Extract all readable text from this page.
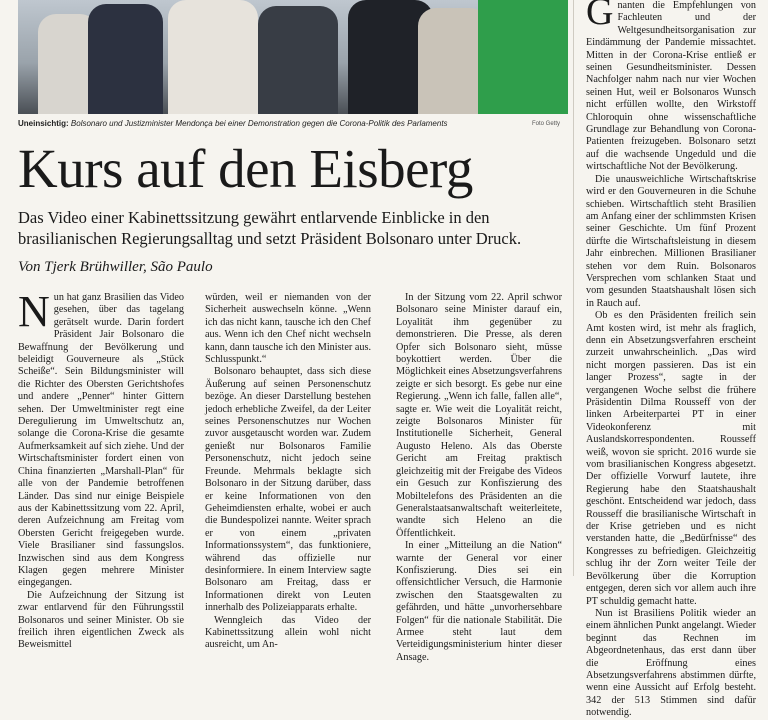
Uneinsichtig: Bolsonaro und Justizminister Mendonça bei einer Demonstration gegen die Corona-Politik des Parlaments	Foto Getty
Kurs auf den Eisberg

Das Video einer Kabinettssitzung gewährt entlarvende Einblicke in den brasilianischen Regierungsalltag und setzt Präsident Bolsonaro unter Druck.

Von Tjerk Brühwiller, São Paulo

Nun hat ganz Brasilien das Video gesehen, über das tagelang gerätselt wurde. Darin fordert Präsident Jair Bolsonaro die Bewaffnung der Bevölkerung und beleidigt Gouverneure als „Stück Scheiße“. Sein Bildungsminister will die Richter des Obersten Gerichtshofes und andere „Penner“ hinter Gittern sehen. Der Umweltminister regt eine Deregulierung im Umweltschutz an, solange die Corona-Krise die gesamte Aufmerksamkeit auf sich ziehe. Und der Wirtschaftsminister fordert einen von China finanzierten „Marshall-Plan“ für alle von der Pandemie betroffenen Länder. Das sind nur einige Beispiele aus der Kabinettssitzung vom 22. April, deren Aufzeichnung am Freitag vom Obersten Gericht freigegeben wurde. Viele Brasilianer sind fassungslos. Inzwischen sind aus dem Kongress Klagen gegen mehrere Minister eingegangen.

Die Aufzeichnung der Sitzung ist zwar entlarvend für den Führungsstil Bolsonaros und seiner Minister. Ob sie freilich ihren eigentlichen Zweck als Beweismittel

würden, weil er niemanden von der Sicherheit auswechseln könne. „Wenn ich das nicht kann, tausche ich den Chef aus. Wenn ich den Chef nicht wechseln kann, dann tausche ich den Minister aus. Schlusspunkt.“

Bolsonaro behauptet, dass sich diese Äußerung auf seinen Personenschutz bezöge. An dieser Darstellung bestehen jedoch erhebliche Zweifel, da der Leiter seines Personenschutzes nur Wochen zuvor ausgetauscht worden war. Zudem genießt nur Bolsonaros Familie Personenschutz, nicht jedoch seine Freunde. Mehrmals beklagte sich Bolsonaro in der Sitzung darüber, dass er keine Informationen von den Geheimdiensten erhalte, wobei er auch die Bundespolizei nannte. Weiter sprach er von einem „privaten Informationssystem“, das funktioniere, während das offizielle nur desinformiere. In einem Interview sagte Bolsonaro am Freitag, dass er Informationen direkt von Leuten innerhalb des Polizeiapparats erhalte.

Wenngleich das Video der Kabinettssitzung allein wohl nicht ausreicht, um An-

In der Sitzung vom 22. April schwor Bolsonaro seine Minister darauf ein, Loyalität ihm gegenüber zu demonstrieren. Die Presse, als deren Opfer sich Bolsonaro sieht, müsse boykottiert werden. Über die Möglichkeit eines Absetzungsverfahrens zeigte er sich besorgt. Es gebe nur eine Regierung. „Wenn ich falle, fallen alle“, sagte er. Wie weit die Loyalität reicht, zeigte Bolsonaros Minister für Institutionelle Sicherheit, General Augusto Heleno. Als das Oberste Gericht am Freitag praktisch gleichzeitig mit der Freigabe des Videos ein Gesuch zur Konfiszierung des Mobiltelefons des Präsidenten an die Generalstaatsanwaltschaft weiterleitete, wandte sich Heleno an die Öffentlichkeit.

In einer „Mitteilung an die Nation“ warnte der General vor einer Konfiszierung. Dies sei ein offensichtlicher Versuch, die Harmonie zwischen den Staatsgewalten zu gefährden, und hätte „unvorhersehbare Folgen“ für die nationale Stabilität. Die Armee steht laut dem Verteidigungsministerium hinter dieser Ansage.

Gnanten die Empfehlungen von Fachleuten und der Weltgesundheitsorganisation zur Eindämmung der Pandemie missachtet. Mitten in der Corona-Krise entließ er seinen Gesundheitsminister. Dessen Nachfolger nahm nach nur vier Wochen seinen Hut, weil er Bolsonaros Wunsch nicht erfüllen wollte, den Wirkstoff Chloroquin ohne wissenschaftliche Grundlage zur Behandlung von Corona-Patienten freizugeben. Bolsonaro setzt auf die wachsende Ungeduld und die wirtschaftliche Not der Bevölkerung.

Die unausweichliche Wirtschaftskrise wird er den Gouverneuren in die Schuhe schieben. Wirtschaftlich steht Brasilien am Anfang einer der schlimmsten Krisen seiner Geschichte. Um fünf Prozent dürfte die Wirtschaftsleistung in diesem Jahr einbrechen. Millionen Brasilianer stehen vor dem Ruin. Bolsonaros Versprechen vom schlanken Staat und vom gesunden Staatshaushalt lösen sich in Rauch auf.

Ob es den Präsidenten freilich sein Amt kosten wird, ist mehr als fraglich, denn ein Absetzungsverfahren erscheint zurzeit unwahrscheinlich. „Das wird nicht morgen passieren. Das ist ein langer Prozess“, sagte in der vergangenen Woche selbst die frühere Präsidentin Dilma Rousseff von der linken Arbeiterpartei PT in einer Videokonferenz mit Auslandskorrespondenten. Rousseff weiß, wovon sie spricht. 2016 wurde sie vom brasilianischen Kongress abgesetzt. Der offizielle Vorwurf lautete, ihre Regierung habe den Staatshaushalt geschönt. Entscheidend war jedoch, dass Rousseff die brasilianische Wirtschaft in der Krise getrieben und es nicht verstanden hatte, die „Bedürfnisse“ des Kongresses zu befriedigen. Gleichzeitig schlug ihr der Zorn weiter Teile der Bevölkerung über die Korruption entgegen, deren sich vor allem auch ihre PT schuldig gemacht hatte.

Nun ist Brasiliens Politik wieder an einem ähnlichen Punkt angelangt. Wieder beginnt das Rechnen im Abgeordnetenhaus, das erst dann über die Eröffnung eines Absetzungsverfahrens abstimmen dürfte, wenn eine Aussicht auf Erfolg besteht. 342 der 513 Stimmen sind dafür notwendig.
